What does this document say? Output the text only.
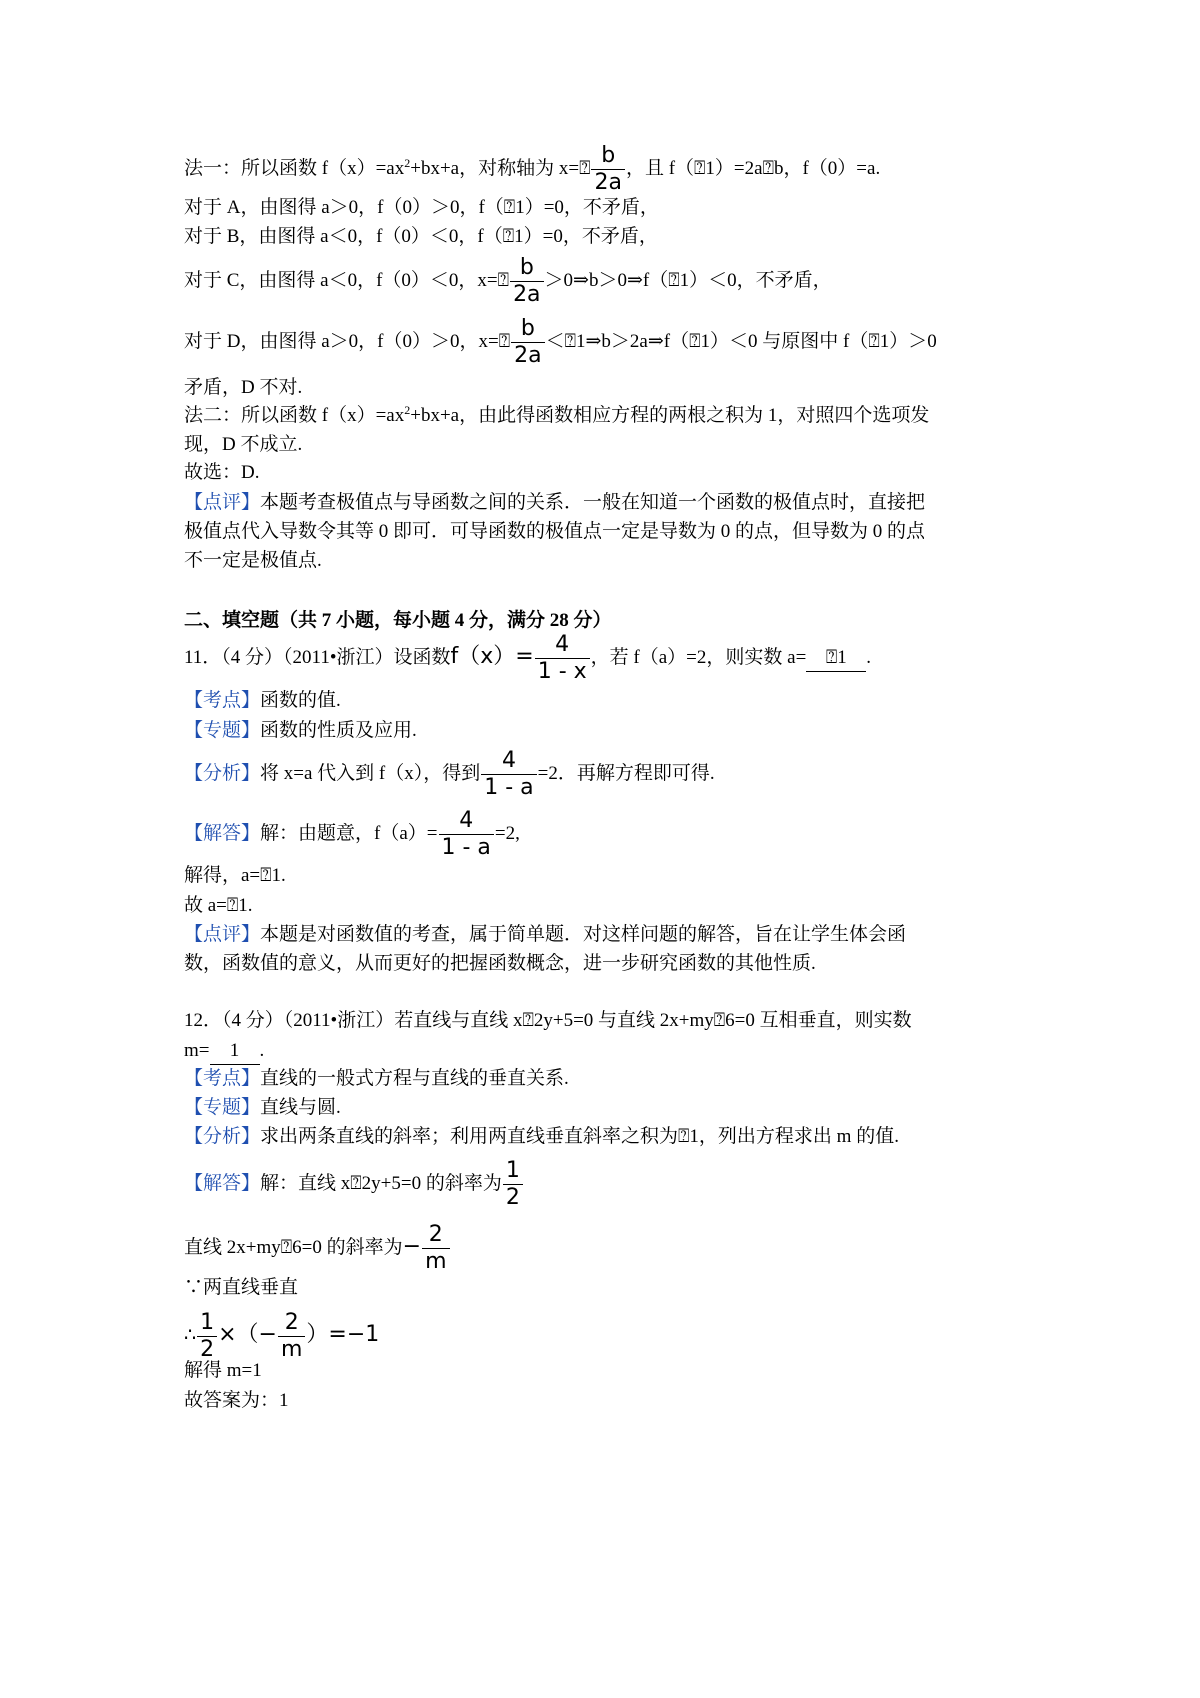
法一：所以函数 $f(x)=ax^2+bx+a$，对称轴为 x=⍰ $\frac{b}{2a}$ ，且 f（⍰1）=2a⍰b，f（0）=a.
对于 A，由图得 a＞0，f（0）＞0，f（⍰1）=0，不矛盾，
对于 B，由图得 a＜0，f（0）＜0，f（⍰1）=0，不矛盾，
对于 C，由图得 a＜0，f（0）＜0，x=⍰ $\frac{b}{2a}$ ＞0⇒b＞0⇒f（⍰1）＜0，不矛盾，
对于 D，由图得 a＞0，f（0）＞0，x=⍰ $\frac{b}{2a}$ ＜⍰1⇒b＞2a⇒f（⍰1）＜0 与原图中 f（⍰1）＞0
矛盾，D 不对.
法二：所以函数 $f(x)=ax^2+bx+a$，由此得函数相应方程的两根之积为 1，对照四个选项发
现，D 不成立.
故选：D.
【点评】本题考查极值点与导函数之间的关系．一般在知道一个函数的极值点时，直接把
极值点代入导数令其等 0 即可．可导函数的极值点一定是导数为 0 的点，但导数为 0 的点
不一定是极值点.
二、填空题（共 7 小题，每小题 4 分，满分 28 分）
11．（4 分）（2011•浙江）设函数$f(x)= \frac{4}{1 - x}$ ，若 f（a）=2，则实数 a= ⍰1 .
【考点】函数的值.
【专题】函数的性质及应用.
【分析】将 x=a 代入到 f（x），得到 $\frac{4}{1 - a} =2$．再解方程即可得.
【解答】解：由题意，$f(a)= \frac{4}{1 - a} =2$,
解得，a=⍰1.
故 a=⍰1.
【点评】本题是对函数值的考查，属于简单题．对这样问题的解答，旨在让学生体会函
数，函数值的意义，从而更好的把握函数概念，进一步研究函数的其他性质.
12．（4 分）（2011•浙江）若直线与直线 x⍰2y+5=0 与直线 2x+my⍰6=0 互相垂直，则实数
m= 1 .
【考点】直线的一般式方程与直线的垂直关系.
【专题】直线与圆.
【分析】求出两条直线的斜率；利用两直线垂直斜率之积为⍰1，列出方程求出 m 的值.
【解答】解：直线 x⍰2y+5=0 的斜率为 $\frac{1}{2}$
直线 2x+my⍰6=0 的斜率为− $\frac{2}{m}$
∵两直线垂直
∴ $\frac{1}{2}$ ×（− $\frac{2}{m} )=-1$
解得 m=1
故答案为：1
